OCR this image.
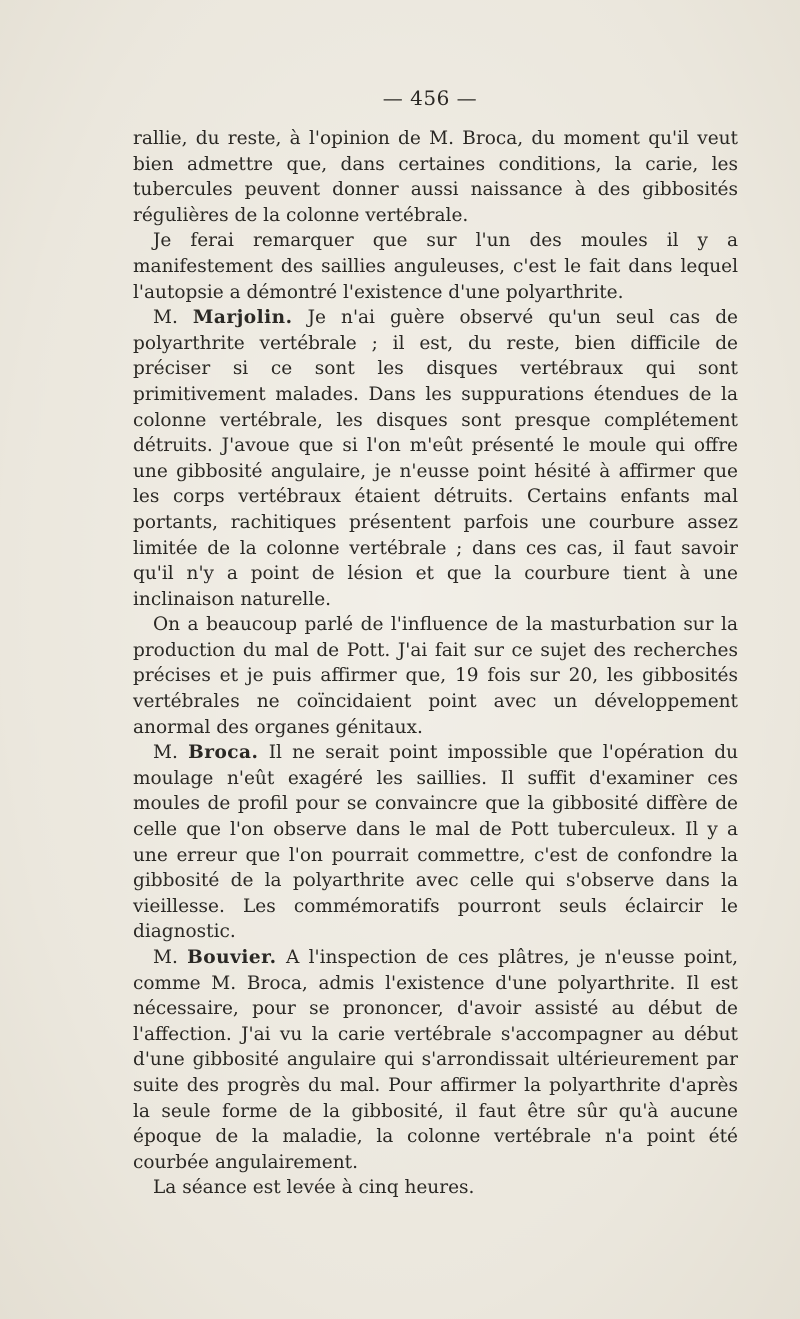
— 456 —

rallie, du reste, à l'opinion de M. Broca, du moment qu'il veut bien admettre que, dans certaines conditions, la carie, les tubercules peuvent donner aussi naissance à des gibbosités régulières de la colonne vertébrale.

Je ferai remarquer que sur l'un des moules il y a manifestement des saillies anguleuses, c'est le fait dans lequel l'autopsie a démontré l'existence d'une polyarthrite.

M. Marjolin. Je n'ai guère observé qu'un seul cas de polyarthrite vertébrale ; il est, du reste, bien difficile de préciser si ce sont les disques vertébraux qui sont primitivement malades. Dans les suppurations étendues de la colonne vertébrale, les disques sont presque complétement détruits. J'avoue que si l'on m'eût présenté le moule qui offre une gibbosité angulaire, je n'eusse point hésité à affirmer que les corps vertébraux étaient détruits. Certains enfants mal portants, rachitiques présentent parfois une courbure assez limitée de la colonne vertébrale ; dans ces cas, il faut savoir qu'il n'y a point de lésion et que la courbure tient à une inclinaison naturelle.

On a beaucoup parlé de l'influence de la masturbation sur la production du mal de Pott. J'ai fait sur ce sujet des recherches précises et je puis affirmer que, 19 fois sur 20, les gibbosités vertébrales ne coïncidaient point avec un développement anormal des organes génitaux.

M. Broca. Il ne serait point impossible que l'opération du moulage n'eût exagéré les saillies. Il suffit d'examiner ces moules de profil pour se convaincre que la gibbosité diffère de celle que l'on observe dans le mal de Pott tuberculeux. Il y a une erreur que l'on pourrait commettre, c'est de confondre la gibbosité de la polyarthrite avec celle qui s'observe dans la vieillesse. Les commémoratifs pourront seuls éclaircir le diagnostic.

M. Bouvier. A l'inspection de ces plâtres, je n'eusse point, comme M. Broca, admis l'existence d'une polyarthrite. Il est nécessaire, pour se prononcer, d'avoir assisté au début de l'affection. J'ai vu la carie vertébrale s'accompagner au début d'une gibbosité angulaire qui s'arrondissait ultérieurement par suite des progrès du mal. Pour affirmer la polyarthrite d'après la seule forme de la gibbosité, il faut être sûr qu'à aucune époque de la maladie, la colonne vertébrale n'a point été courbée angulairement.

La séance est levée à cinq heures.
